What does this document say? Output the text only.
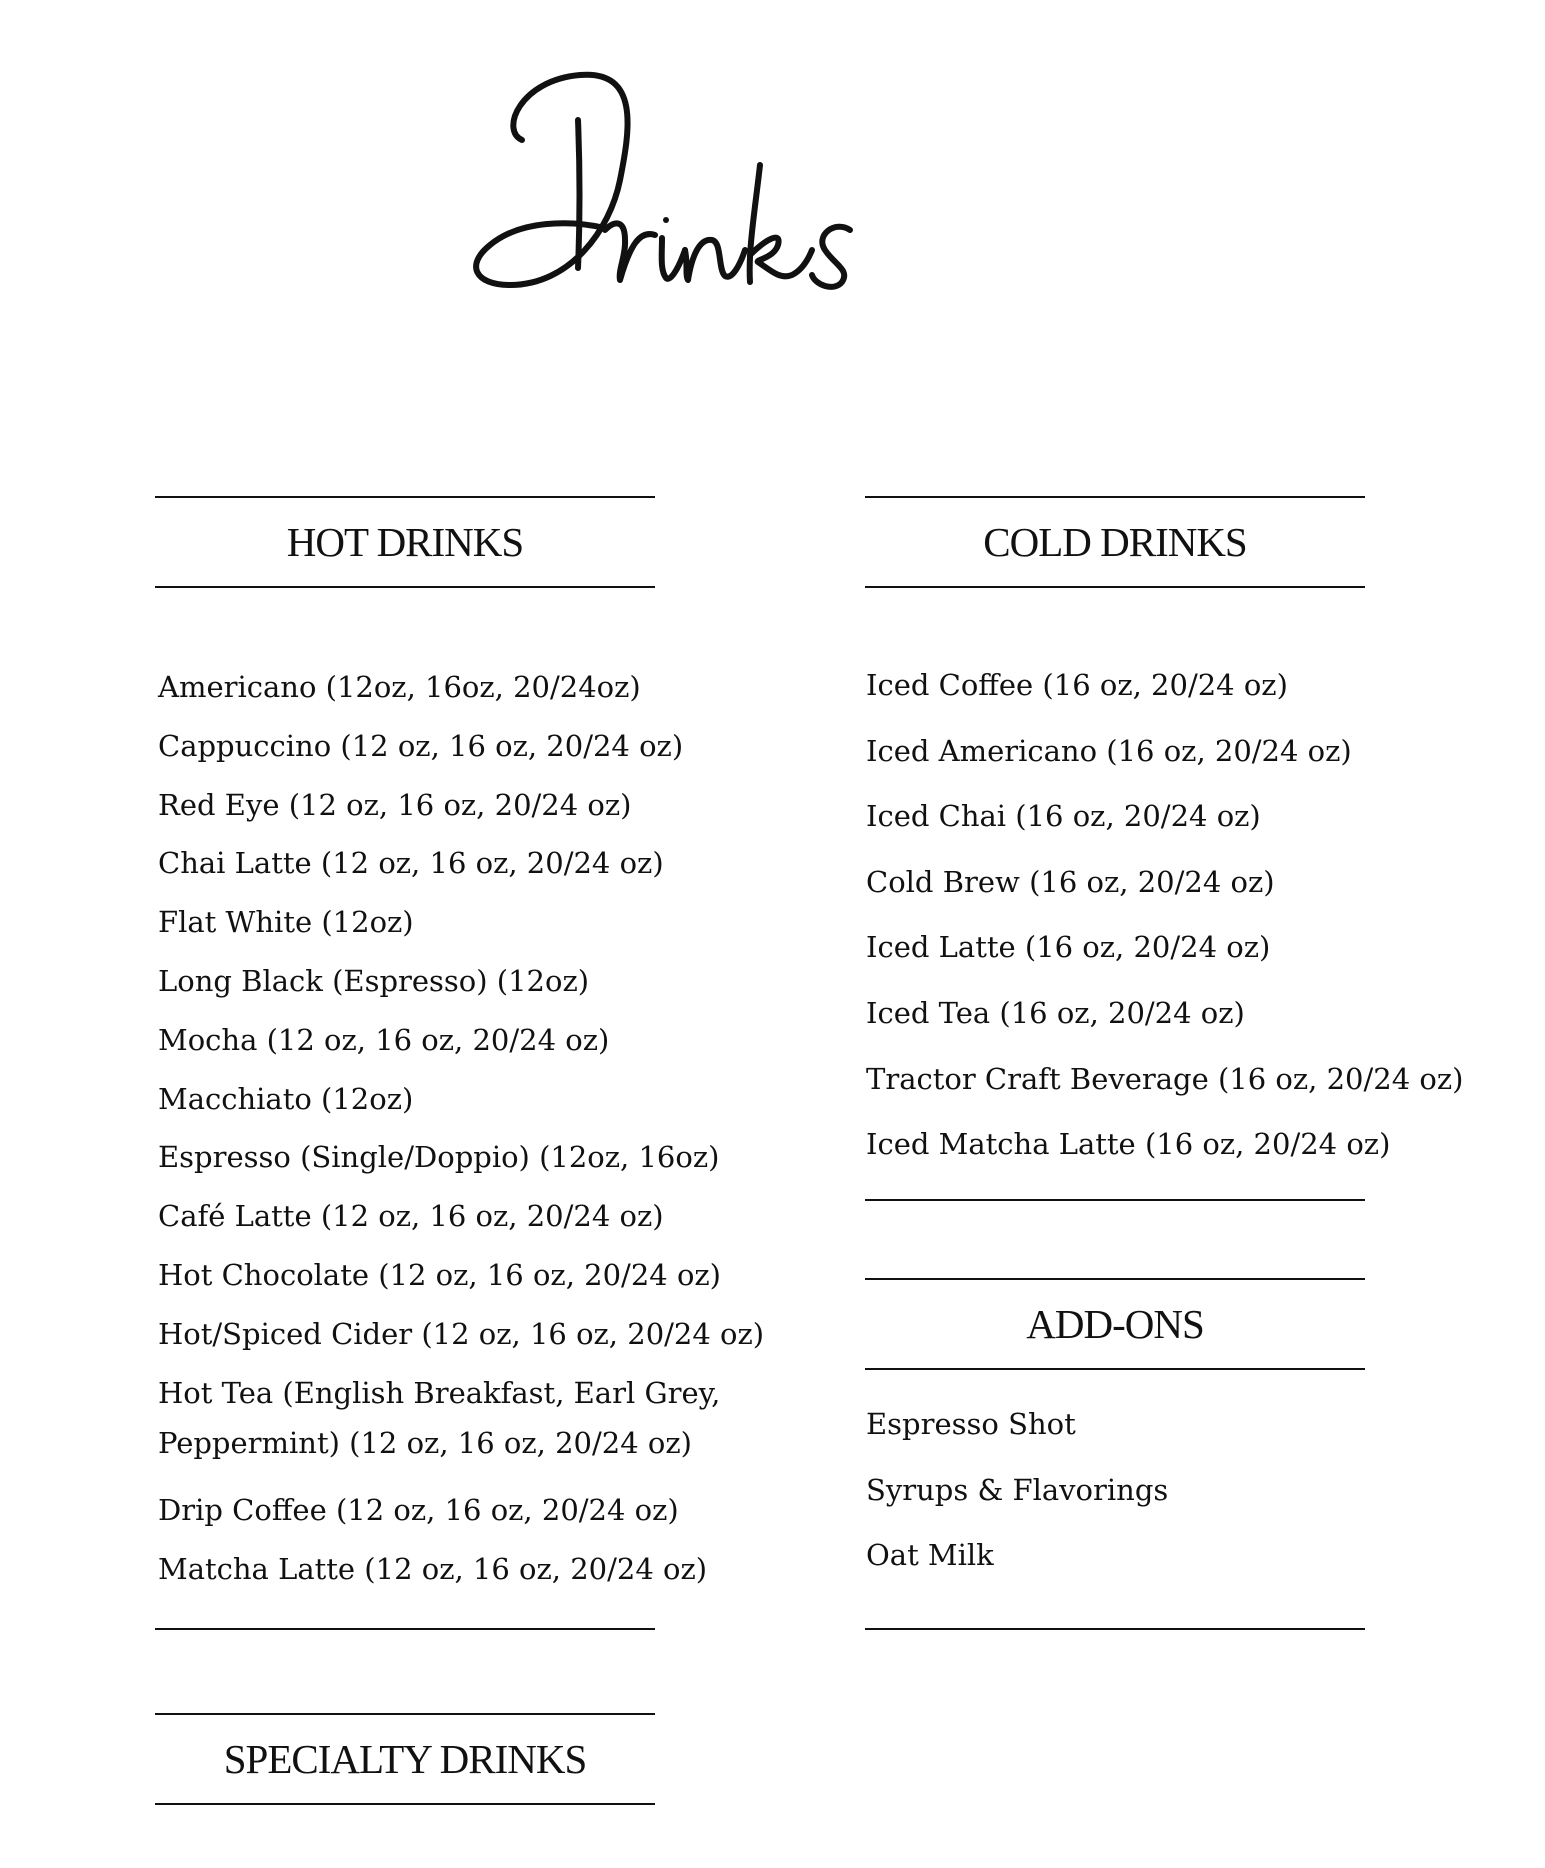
HOT DRINKS
Americano (12oz, 16oz, 20/24oz)
Cappuccino (12 oz, 16 oz, 20/24 oz)
Red Eye (12 oz, 16 oz, 20/24 oz)
Chai Latte (12 oz, 16 oz, 20/24 oz)
Flat White (12oz)
Long Black (Espresso) (12oz)
Mocha (12 oz, 16 oz, 20/24 oz)
Macchiato (12oz)
Espresso (Single/Doppio) (12oz, 16oz)
Café Latte (12 oz, 16 oz, 20/24 oz)
Hot Chocolate (12 oz, 16 oz, 20/24 oz)
Hot/Spiced Cider (12 oz, 16 oz, 20/24 oz)
Hot Tea (English Breakfast, Earl Grey, Peppermint) (12 oz, 16 oz, 20/24 oz)
Drip Coffee (12 oz, 16 oz, 20/24 oz)
Matcha Latte (12 oz, 16 oz, 20/24 oz)
SPECIALTY DRINKS
COLD DRINKS
Iced Coffee (16 oz, 20/24 oz)
Iced Americano (16 oz, 20/24 oz)
Iced Chai (16 oz, 20/24 oz)
Cold Brew (16 oz, 20/24 oz)
Iced Latte (16 oz, 20/24 oz)
Iced Tea (16 oz, 20/24 oz)
Tractor Craft Beverage (16 oz, 20/24 oz)
Iced Matcha Latte (16 oz, 20/24 oz)
ADD-ONS
Espresso Shot
Syrups & Flavorings
Oat Milk
